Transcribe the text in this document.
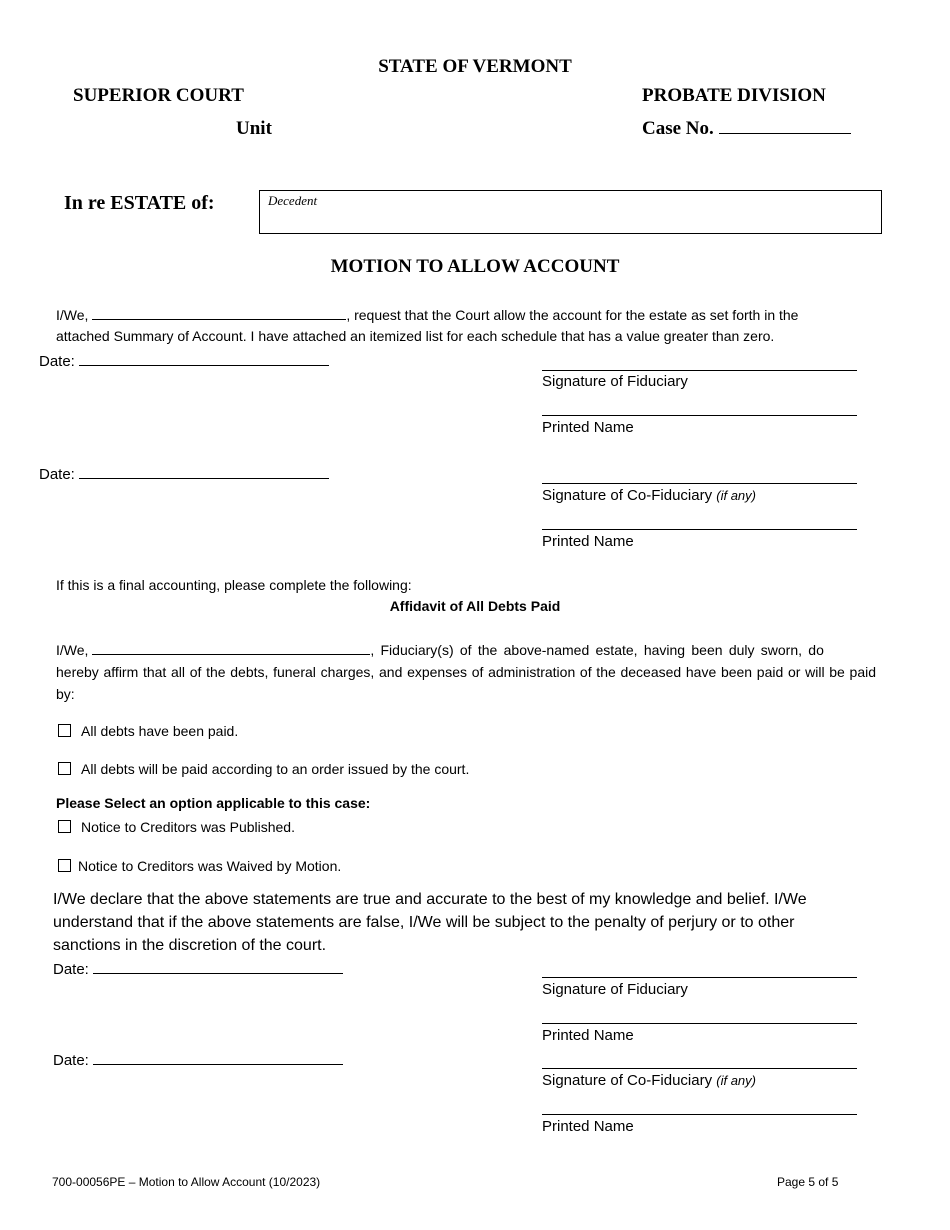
STATE OF VERMONT
SUPERIOR COURT	PROBATE DIVISION
Unit	Case No.
In re ESTATE of:	Decedent
MOTION TO ALLOW ACCOUNT
I/We,	, request that the Court allow the account for the estate as set forth in the
attached Summary of Account. I have attached an itemized list for each schedule that has a value greater than zero.
Date:
Signature of Fiduciary
Printed Name
Date:
Signature of Co-Fiduciary (if any)
Printed Name
If this is a final accounting, please complete the following:
Affidavit of All Debts Paid
I/We,	, Fiduciary(s) of the above-named estate, having been duly sworn, do
hereby affirm that all of the debts, funeral charges, and expenses of administration of the deceased have been paid or will be paid by:
All debts have been paid.
All debts will be paid according to an order issued by the court.
Please Select an option applicable to this case:
Notice to Creditors was Published.
Notice to Creditors was Waived by Motion.
I/We declare that the above statements are true and accurate to the best of my knowledge and belief. I/We understand that if the above statements are false, I/We will be subject to the penalty of perjury or to other sanctions in the discretion of the court.
Date:
Signature of Fiduciary
Printed Name
Date:
Signature of Co-Fiduciary (if any)
Printed Name
700-00056PE – Motion to Allow Account (10/2023)	Page 5 of 5
